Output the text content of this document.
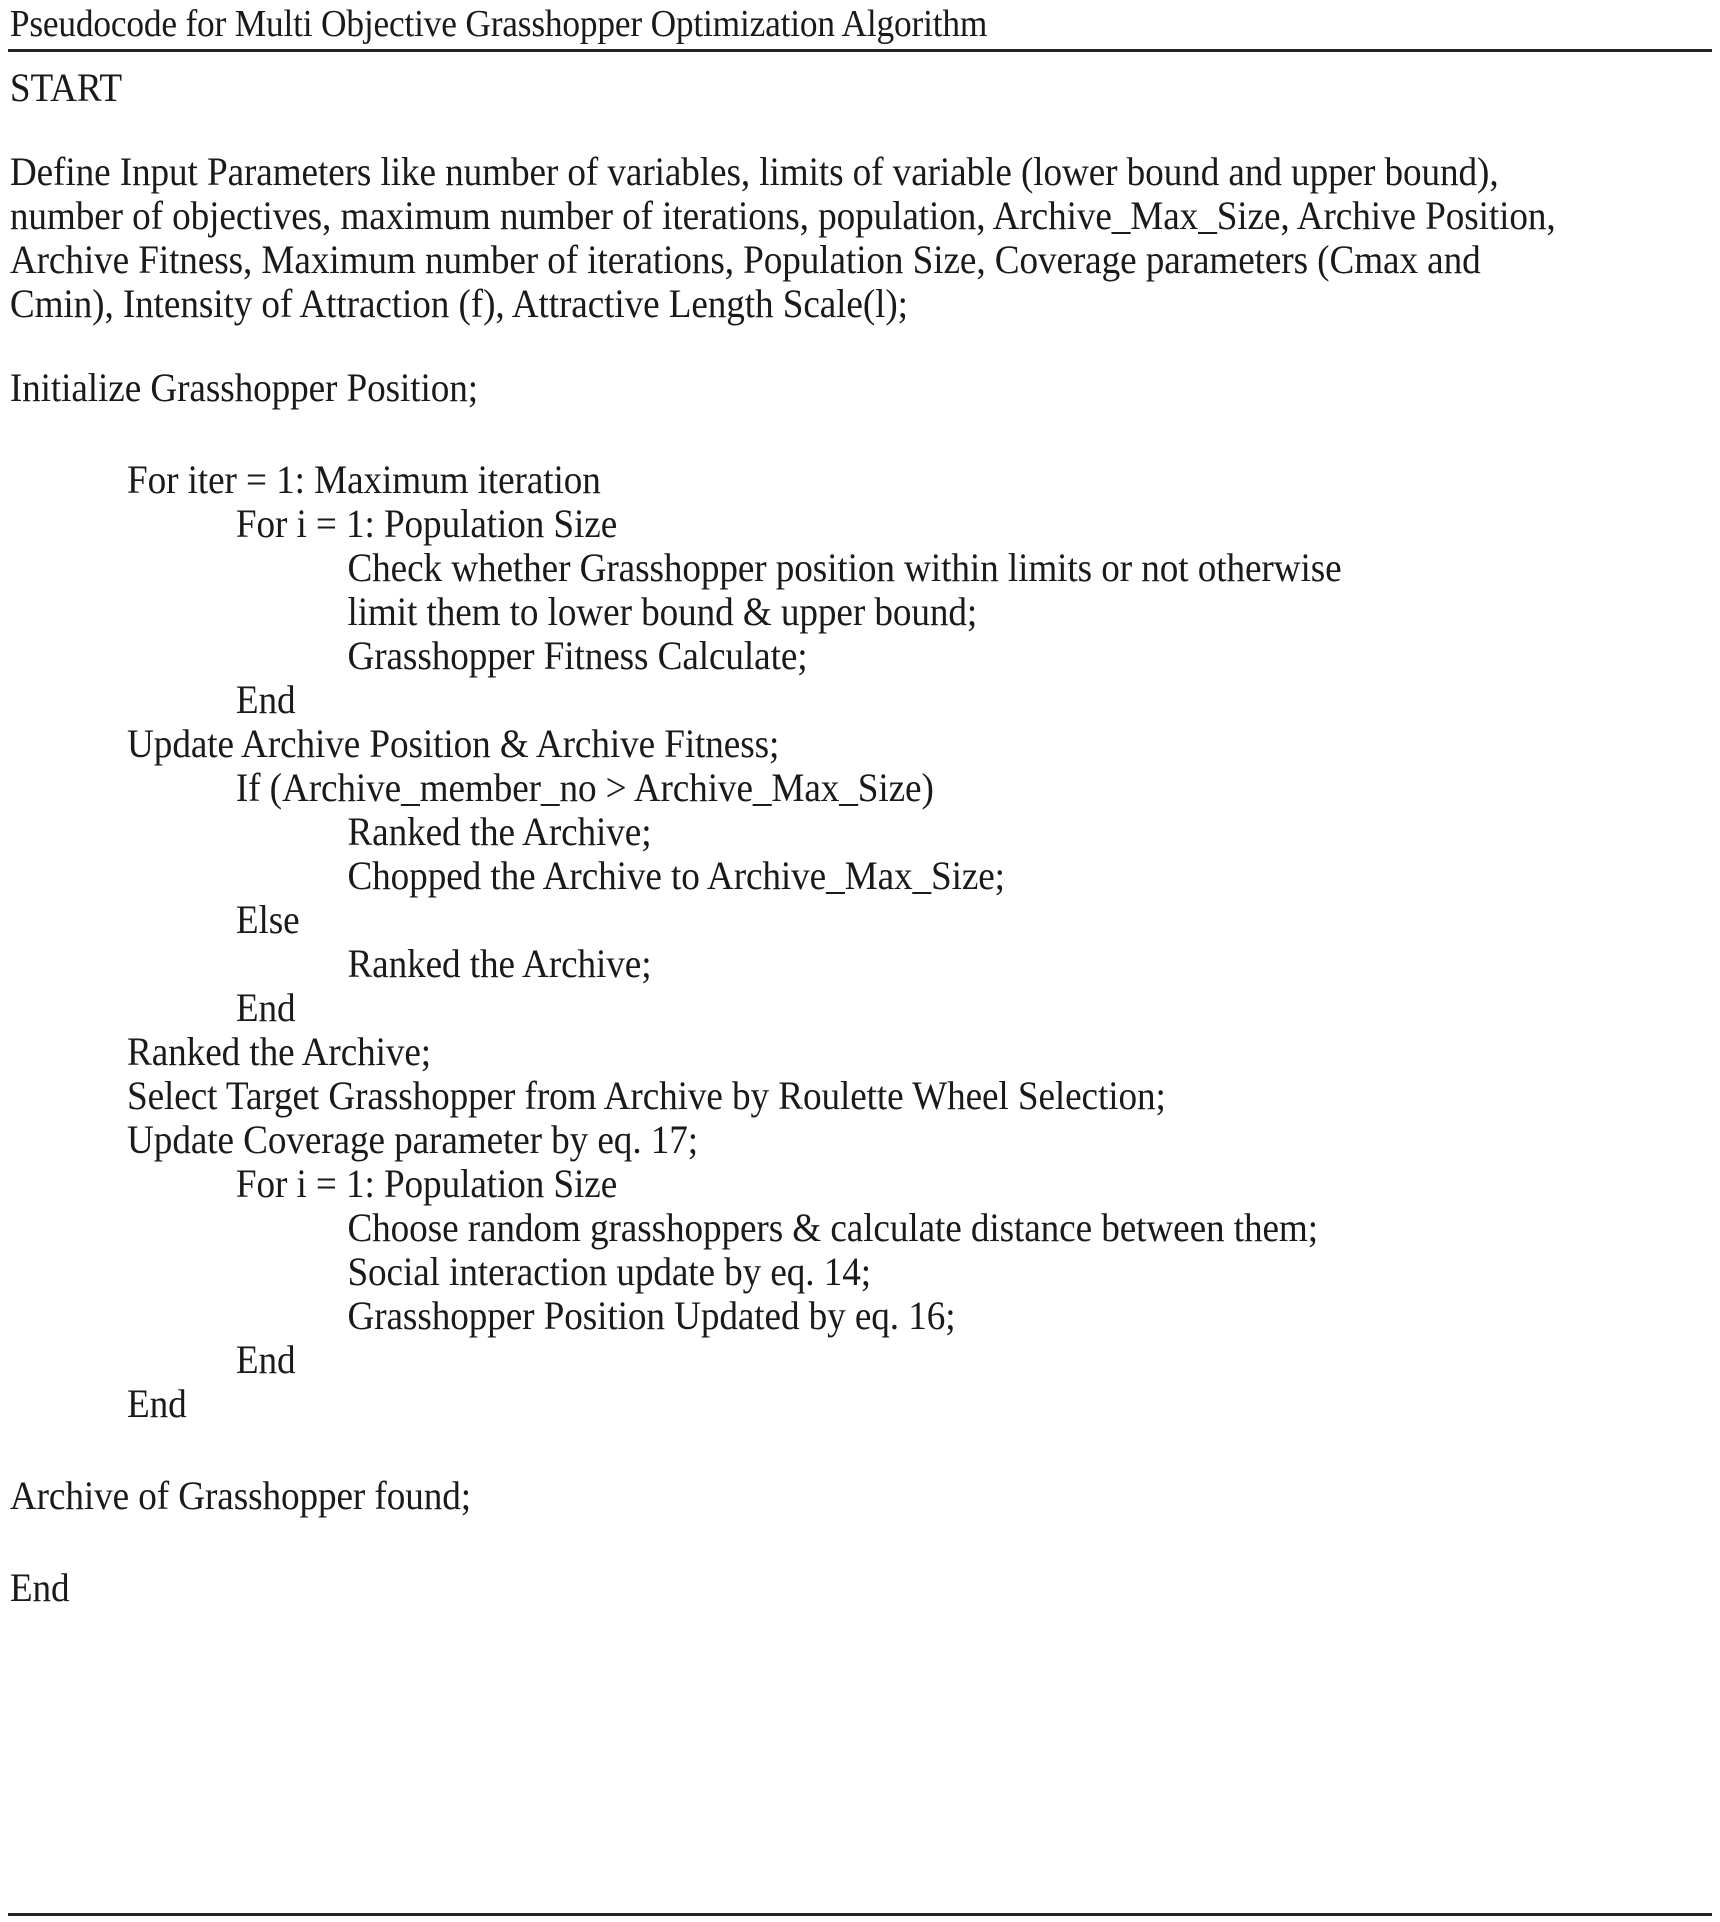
Pseudocode for Multi Objective Grasshopper Optimization Algorithm
START
Define Input Parameters like number of variables, limits of variable (lower bound and upper bound), number of objectives, maximum number of iterations, population, Archive_Max_Size, Archive Position, Archive Fitness, Maximum number of iterations, Population Size, Coverage parameters (Cmax and Cmin), Intensity of Attraction (f), Attractive Length Scale(l);
Initialize Grasshopper Position;
For iter = 1: Maximum iteration
For i = 1: Population Size
Check whether Grasshopper position within limits or not otherwise
limit them to lower bound & upper bound;
Grasshopper Fitness Calculate;
End
Update Archive Position & Archive Fitness;
If (Archive_member_no > Archive_Max_Size)
Ranked the Archive;
Chopped the Archive to Archive_Max_Size;
Else
Ranked the Archive;
End
Ranked the Archive;
Select Target Grasshopper from Archive by Roulette Wheel Selection;
Update Coverage parameter by eq. 17;
For i = 1: Population Size
Choose random grasshoppers & calculate distance between them;
Social interaction update by eq. 14;
Grasshopper Position Updated by eq. 16;
End
End
Archive of Grasshopper found;
End
